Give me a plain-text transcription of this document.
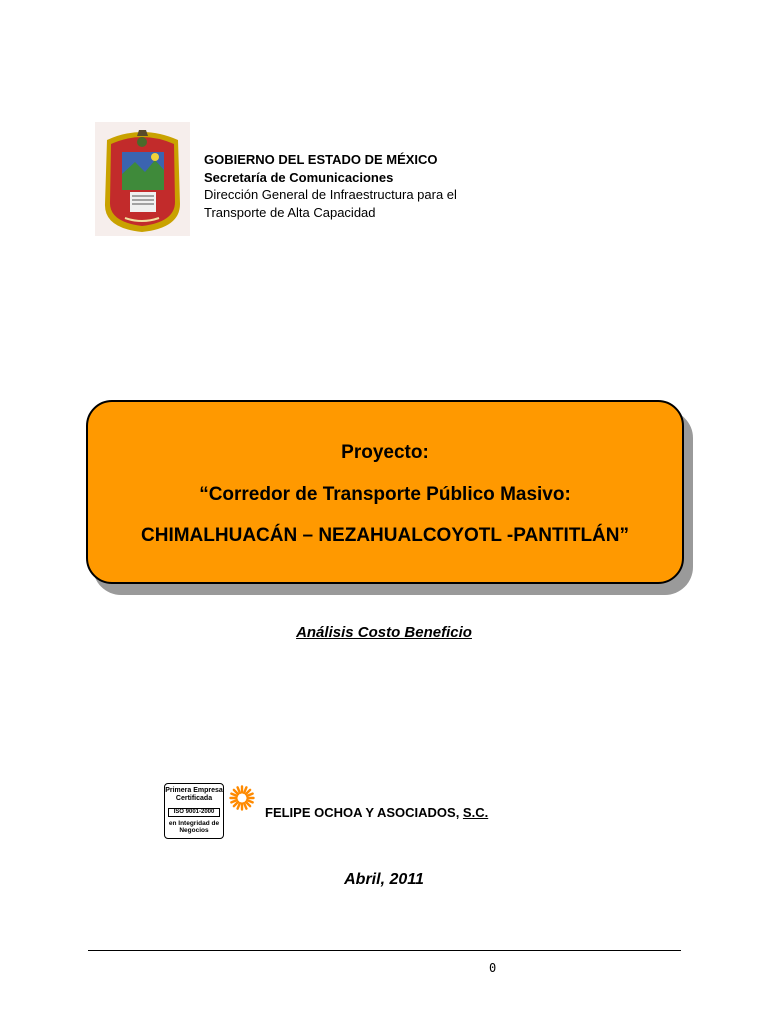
GOBIERNO DEL ESTADO DE MÉXICO
Secretaría de Comunicaciones
Dirección General de Infraestructura para el
Transporte de Alta Capacidad
Proyecto:
“Corredor de Transporte Público Masivo:
CHIMALHUACÁN – NEZAHUALCOYOTL -PANTITLÁN”
Análisis Costo Beneficio
Primera Empresa
Certificada
ISO 9001-2000
en Integridad de
Negocios
FELIPE OCHOA Y ASOCIADOS, S.C.
Abril, 2011
0
